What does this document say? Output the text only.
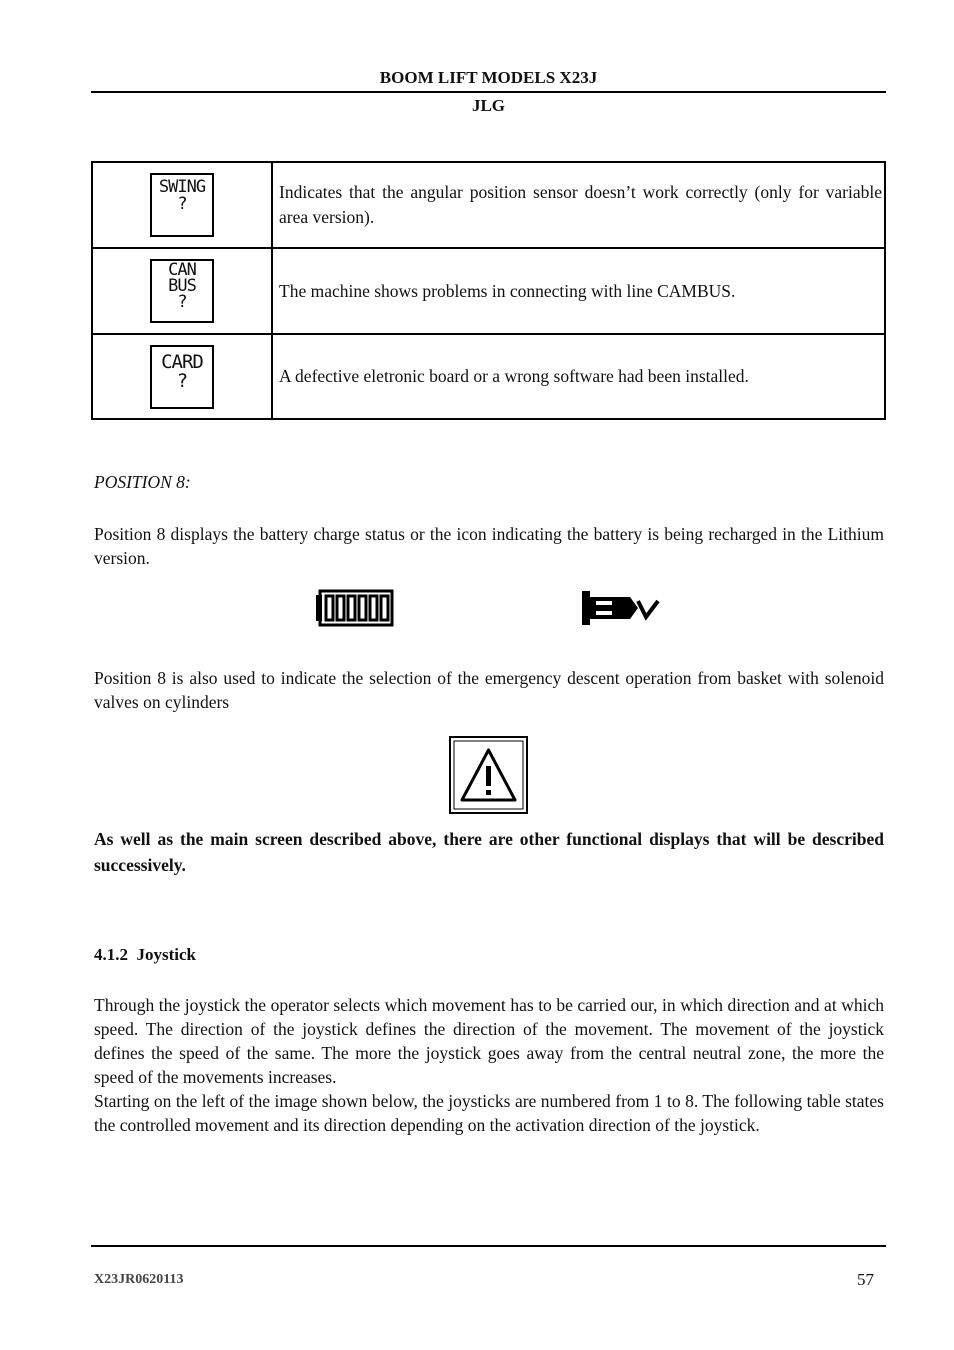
BOOM LIFT MODELS X23J
JLG
SWING
?	Indicates that the angular position sensor doesn’t work correctly (only for variable area version).

CAN
BUS
?	The machine shows problems in connecting with line CAMBUS.

CARD
?	A defective eletronic board or a wrong software had been installed.
POSITION 8:
Position 8 displays the battery charge status or the icon indicating the battery is being recharged in the Lithium version.
Position 8 is also used to indicate the selection of the emergency descent operation from basket with solenoid valves on cylinders
As well as the main screen described above, there are other functional displays that will be described successively.
4.1.2  Joystick
Through the joystick the operator selects which movement has to be carried our, in which direction and at which speed. The direction of the joystick defines the direction of the movement. The movement of the joystick defines the speed of the same. The more the joystick goes away from the central neutral zone, the more the speed of the movements increases.
Starting on the left of the image shown below, the joysticks are numbered from 1 to 8. The following table states the controlled movement and its direction depending on the activation direction of the joystick.
X23JR0620113	57
